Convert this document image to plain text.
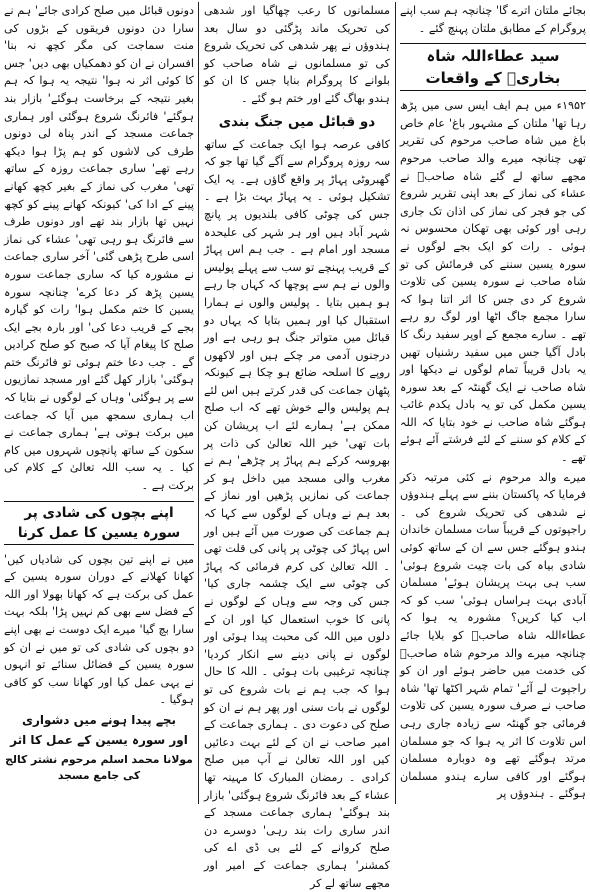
بجائے ملتان اترے گا' چنانچہ ہم سب اپنے پروگرام کے مطابق ملتان پہنچ گئے ۔

سید عطاءاللہ شاہ بخاریؒ کے واقعات

۱۹۵۲ء میں ہم ایف ایس سی میں پڑھ رہا تھا' ملتان کے مشہور باغ' عام خاص باغ میں شاہ صاحب مرحوم کی تقریر تھی چنانچہ میرے والد صاحب مرحوم مجھے ساتھ لے گئے شاہ صاحبؒ نے عشاء کی نماز کے بعد اپنی تقریر شروع کی جو فجر کی نماز کی اذان تک جاری رہی اور کوئی بھی تھکان محسوس نہ ہوئی ۔ رات کو ایک بجے لوگوں نے سورہ یسین سننے کی فرمائش کی تو شاہ صاحب نے سورہ یسین کی تلاوت شروع کر دی جس کا اثر اتنا ہوا کہ سارا مجمع جاگ اٹھا اور لوگ رو رہے تھے ۔ سارے مجمع کے اوپر سفید رنگ کا بادل آگیا جس میں سفید رشنیاں تھیں یہ بادل قریباً تمام لوگوں نے دیکھا اور شاہ صاحب نے ایک گھنٹہ کے بعد سورہ یسین مکمل کی تو یہ بادل یکدم غائب ہوگئے شاہ صاحب نے خود بتایا کہ اللہ کے کلام کو سننے کے لئے فرشتے آئے ہوئے تھے ۔

میرے والد مرحوم نے کئی مرتبہ ذکر فرمایا کہ پاکستان بننے سے پہلے ہندوؤں نے شدھی کی تحریک شروع کی ۔ راجپوتوں کے قریباً سات مسلمان خاندان ہندو ہوگئے جس سے ان کے ساتھ کوئی شادی بیاہ کی بات چیت شروع ہوئی' سب ہی بہت پریشان ہوئے' مسلمان آبادی بہت ہراساں ہوئی' سب کو کہ اب کیا کریں؟ مشورہ یہ ہوا کہ عطاءاللہ شاہ صاحبؒ کو بلایا جائے چنانچہ میرے والد مرحوم شاہ صاحبؒ کی خدمت میں حاضر ہوئے اور ان کو راجپوت لے آئے' تمام شہر اکٹھا تھا' شاہ صاحب نے صرف سورہ یسین کی تلاوت فرمائی جو گھنٹہ سے زیادہ جاری رہی اس تلاوت کا اثر یہ ہوا کہ جو مسلمان مرتد ہوگئے تھے وہ دوبارہ مسلمان ہوگئے اور کافی سارے ہندو مسلمان ہوگئے ۔ ہندوؤں پر

مسلمانوں کا رعب چھاگیا اور شدھی کی تحریک ماند پڑگئی دو سال بعد ہندوؤں نے پھر شدھی کی تحریک شروع کی تو مسلمانوں نے شاہ صاحب کو بلوانے کا پروگرام بنایا جس کا ان کو ہندو بھاگ گئے اور ختم ہو گئے ۔

دو قبائل میں جنگ بندی

کافی عرصہ ہوا ایک جماعت کے ساتھ سہ روزہ پروگرام سے آگے گیا تھا جو کہ گھبروٹی پہاڑ پر واقع گاؤں ہے۔ یہ ایک تشکیل ہوئی ۔ یہ پہاڑ بہت بڑا ہے ۔ جس کی چوٹی کافی بلندیوں پر پانچ شہر آباد ہیں اور ہر شہر کی علیحدہ مسجد اور امام ہے ۔ جب ہم اس پہاڑ کے قریب پہنچے تو سب سے پہلے پولیس والوں نے ہم سے پوچھا کہ کہاں جا رہے ہو ہمیں بتایا ۔ پولیس والوں نے ہمارا استقبال کیا اور ہمیں بتایا کہ یہاں دو قبائل میں متواتر جنگ ہو رہی ہے اور درجنوں آدمی مر چکے ہیں اور لاکھوں روپے کا اسلحہ ضائع ہو چکا ہے کیونکہ پٹھان جماعت کی قدر کرتے ہیں اس لئے ہم پولیس والے خوش تھے کہ اب صلح ممکن ہے' ہمارے لئے اب پریشان کن بات تھی' خیر اللہ تعالیٰ کی ذات پر بھروسہ کرکے ہم پہاڑ پر چڑھے' ہم نے مغرب والی مسجد میں داخل ہو کر جماعت کی نمازیں پڑھیں اور نماز کے بعد ہم نے وہاں کے لوگوں سے کہا کہ ہم جماعت کی صورت میں آئے ہیں اور اس پہاڑ کی چوٹی پر پانی کی قلت تھی ۔ اللہ تعالیٰ کی کرم فرمائی کہ پہاڑ کی چوٹی سے ایک چشمہ جاری کیا' جس کی وجہ سے وہاں کے لوگوں نے پانی کا خوب استعمال کیا اور ان کے دلوں میں اللہ کی محبت پیدا ہوئی اور لوگوں نے پانی دینے سے انکار کردیا' چنانچہ ترغیبی بات ہوئی ۔ اللہ کا حال ہوا کہ جب ہم نے بات شروع کی تو لوگوں نے بات سنی اور پھر ہم نے ان کو صلح کی دعوت دی ۔ ہماری جماعت کے امیر صاحب نے ان کے لئے بہت دعائیں کیں اور اللہ تعالیٰ نے آپ میں صلح کرادی ۔ رمضان المبارک کا مہینہ تھا عشاء کے بعد فائرنگ شروع ہوگئی' بازار بند ہوگئے' ہماری جماعت مسجد کے اندر ساری رات بند رہی' دوسرے دن صلح کروانے کے لئے بی ڈی اے کی کمشنر' ہماری جماعت کے امیر اور مجھے ساتھ لے کر

دونوں قبائل میں صلح کرادی جائے' ہم نے سارا دن دونوں فریقوں کے بڑوں کی منت سماجت کی مگر کچھ نہ بنا' افسران نے ان کو دھمکیاں بھی دیں' جس کا کوئی اثر نہ ہوا' نتیجہ یہ ہوا کہ ہم بغیر نتیجہ کے برخاست ہوگئے' بازار بند ہوگئے' فائرنگ شروع ہوگئی اور ہماری جماعت مسجد کے اندر پناہ لی دونوں طرف کی لاشوں کو ہم پڑا ہوا دیکھ رہے تھے' ساری جماعت روزہ کے ساتھ تھی' مغرب کی نماز کے بغیر کچھ کھانے پینے کے ادا کی' کیونکہ کھانے پینے کو کچھ نہیں تھا بازار بند تھے اور دونوں طرف سے فائرنگ ہو رہی تھی' عشاء کی نماز اسی طرح پڑھی گئی' آخر ساری جماعت نے مشورہ کیا کہ ساری جماعت سورہ یسین پڑھ کر دعا کرے' چنانچہ سورہ یسین کا ختم مکمل ہوا' رات کو گیارہ بجے کے قریب دعا کی' اور بارہ بجے ایک صلح کا پیغام آیا کہ صبح کو صلح کرادیں گے ۔ جب دعا ختم ہوئی تو فائرنگ ختم ہوگئی' بازار کھل گئے اور مسجد نمازیوں سے پر ہوگئی' وہاں کے لوگوں نے بتایا کہ اب ہماری سمجھ میں آیا کہ جماعت میں برکت ہوتی ہے' ہماری جماعت نے سکون کے ساتھ پانچوں شہروں میں کام کیا ۔ یہ سب اللہ تعالیٰ کے کلام کی برکت ہے ۔

اپنے بچوں کی شادی پر سورہ یسین کا عمل کرنا

میں نے اپنے تین بچوں کی شادیاں کیں' کھانا کھلانے کے دوران سورہ یسین کے عمل کی برکت ہے کہ کھانا بھولا اور اللہ کے فضل سے بھی کم نہیں پڑا' بلکہ بہت سارا بچ گیا' میرے ایک دوست نے بھی اپنے دو بچوں کی شادی کی تو میں نے ان کو سورہ یسین کے فضائل سنائے تو انہوں نے یہی عمل کیا اور کھانا سب کو کافی ہوگیا ۔

بچے پیدا ہونے میں دشواری
اور سورہ یسین کے عمل کا اثر
مولانا محمد اسلم مرحوم نشتر کالج کی جامع مسجد
